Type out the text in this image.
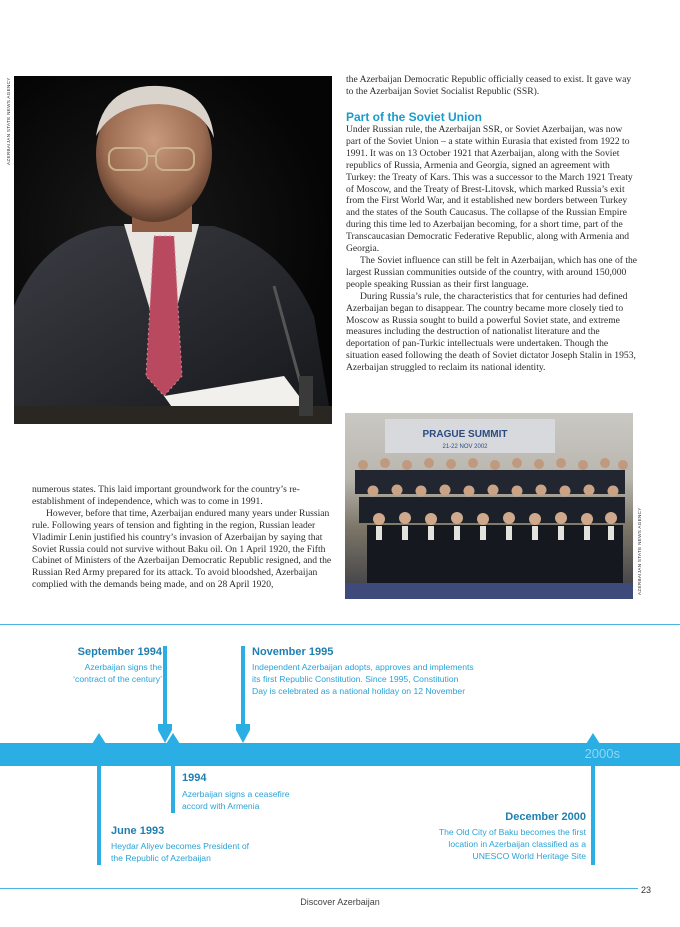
AZERBAIJAN STATE NEWS AGENCY	the Azerbaijan Democratic Republic officially ceased to exist. It gave way to the Azerbaijan Soviet Socialist Republic (SSR).

Part of the Soviet Union

Under Russian rule, the Azerbaijan SSR, or Soviet Azerbaijan, was now part of the Soviet Union – a state within Eurasia that existed from 1922 to 1991. It was on 13 October 1921 that Azerbaijan, along with the Soviet republics of Russia, Armenia and Georgia, signed an agreement with Turkey: the Treaty of Kars. This was a successor to the March 1921 Treaty of Moscow, and the Treaty of Brest-Litovsk, which marked Russia’s exit from the First World War, and it established new borders between Turkey and the states of the South Caucasus. The collapse of the Russian Empire during this time led to Azerbaijan becoming, for a short time, part of the Transcaucasian Democratic Federative Republic, along with Armenia and Georgia.

The Soviet influence can still be felt in Azerbaijan, which has one of the largest Russian communities outside of the country, with around 150,000 people speaking Russian as their first language.

During Russia’s rule, the characteristics that for centuries had defined Azerbaijan began to disappear. The country became more closely tied to Moscow as Russia sought to build a powerful Soviet state, and extreme measures including the destruction of nationalist literature and the deportation of pan-Turkic intellectuals were undertaken. Though the situation eased following the death of Soviet dictator Joseph Stalin in 1953, Azerbaijan struggled to reclaim its national identity.

PRAGUE SUMMIT
21-22 NOV 2002
AZERBAIJAN STATE NEWS AGENCY

numerous states. This laid important groundwork for the country’s re-establishment of independence, which was to come in 1991.

However, before that time, Azerbaijan endured many years under Russian rule. Following years of tension and fighting in the region, Russian leader Vladimir Lenin justified his country’s invasion of Azerbaijan by saying that Soviet Russia could not survive without Baku oil. On 1 April 1920, the Fifth Cabinet of Ministers of the Azerbaijan Democratic Republic resigned, and the Russian Red Army prepared for its attack. To avoid bloodshed, Azerbaijan complied with the demands being made, and on 28 April 1920,

September 1994

Azerbaijan signs the ‘contract of the century’

November 1995

Independent Azerbaijan adopts, approves and implements its first Republic Constitution. Since 1995, Constitution Day is celebrated as a national holiday on 12 November

2000s

June 1993

Heydar Aliyev becomes President of the Republic of Azerbaijan

1994

Azerbaijan signs a ceasefire accord with Armenia

December 2000

The Old City of Baku becomes the first location in Azerbaijan classified as a UNESCO World Heritage Site

23
Discover Azerbaijan
